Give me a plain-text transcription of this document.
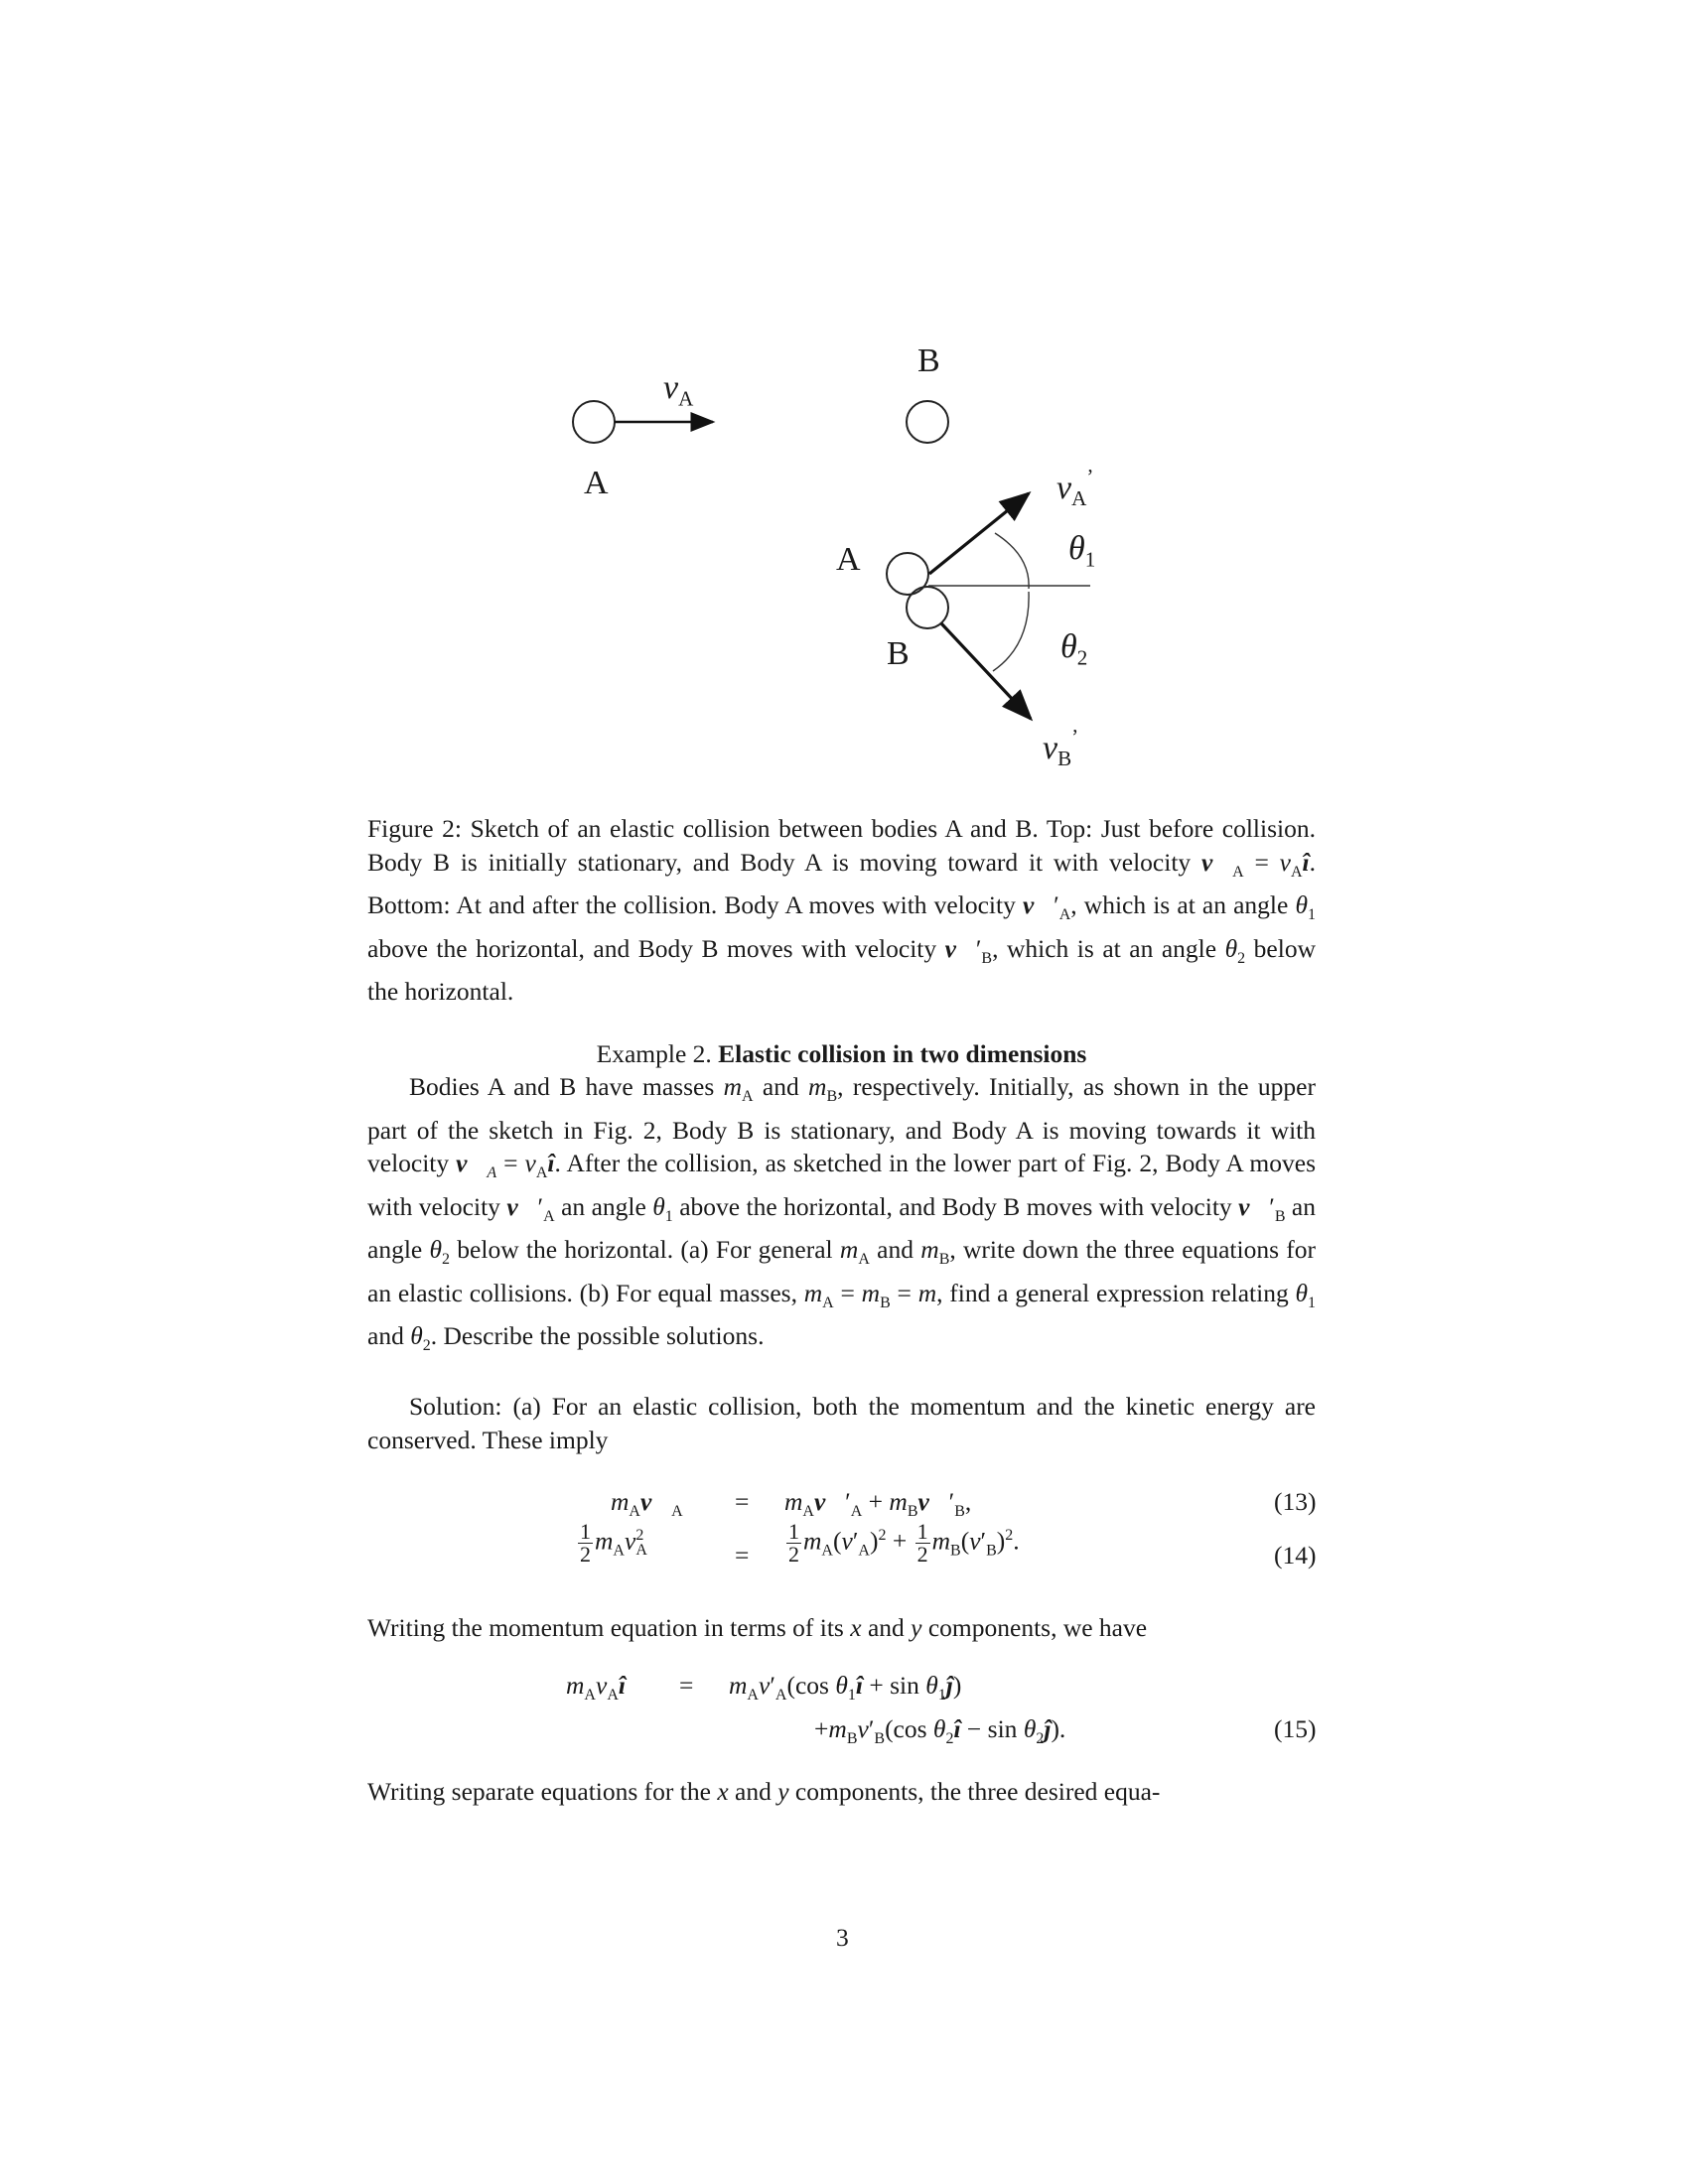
B
$v_A$
A
A
B
$v_A^’$
$\theta_1$
$\theta_2$
$v_B^’$
Figure 2: Sketch of an elastic collision between bodies A and B. Top: Just before collision. Body B is initially stationary, and Body A is moving toward it with velocity $v⃗_A$ = $v_Aî$. Bottom: At and after the collision. Body A moves with velocity $v⃗'_A$, which is at an angle $\theta_1$ above the horizontal, and Body B moves with velocity $v⃗'_B$, which is at an angle $\theta_2$ below the horizontal.
Example 2. Elastic collision in two dimensions
Bodies A and B have masses $m_A$ and $m_B$, respectively. Initially, as shown in the upper part of the sketch in Fig. 2, Body B is stationary, and Body A is moving towards it with velocity $v⃗_A$ = $v_Aî$. After the collision, as sketched in the lower part of Fig. 2, Body A moves with velocity $v⃗'_A$ an angle $\theta_1$ above the horizontal, and Body B moves with velocity $v⃗'_B$ an angle $\theta_2$ below the horizontal. (a) For general $m_A$ and $m_B$, write down the three equations for an elastic collisions. (b) For equal masses, $m_A = m_B = m$, find a general expression relating $\theta_1$ and $\theta_2$. Describe the possible solutions.
Solution: (a) For an elastic collision, both the momentum and the kinetic energy are conserved. These imply
$m_Av⃗_A$ = $m_Av⃗'_A$ + $m_Bv⃗'_B$,	(13)
$\frac{1}{2} m_Av^2_A$	= $\frac{1}{2} m_A(v'_A)^2 + \frac{1}{2} m_B(v'_B)^2$.
(14)
Writing the momentum equation in terms of its x and y components, we have
$m_Av_Aî = m_Av'_A(\cos$ $\theta_1î + \sin$ $\theta_1ĵ$)
$+m_Bv'_B(\cos$ $\theta_2î - \sin$ $\theta_2ĵ$).	(15)
Writing separate equations for the x and y components, the three desired equa-
3
